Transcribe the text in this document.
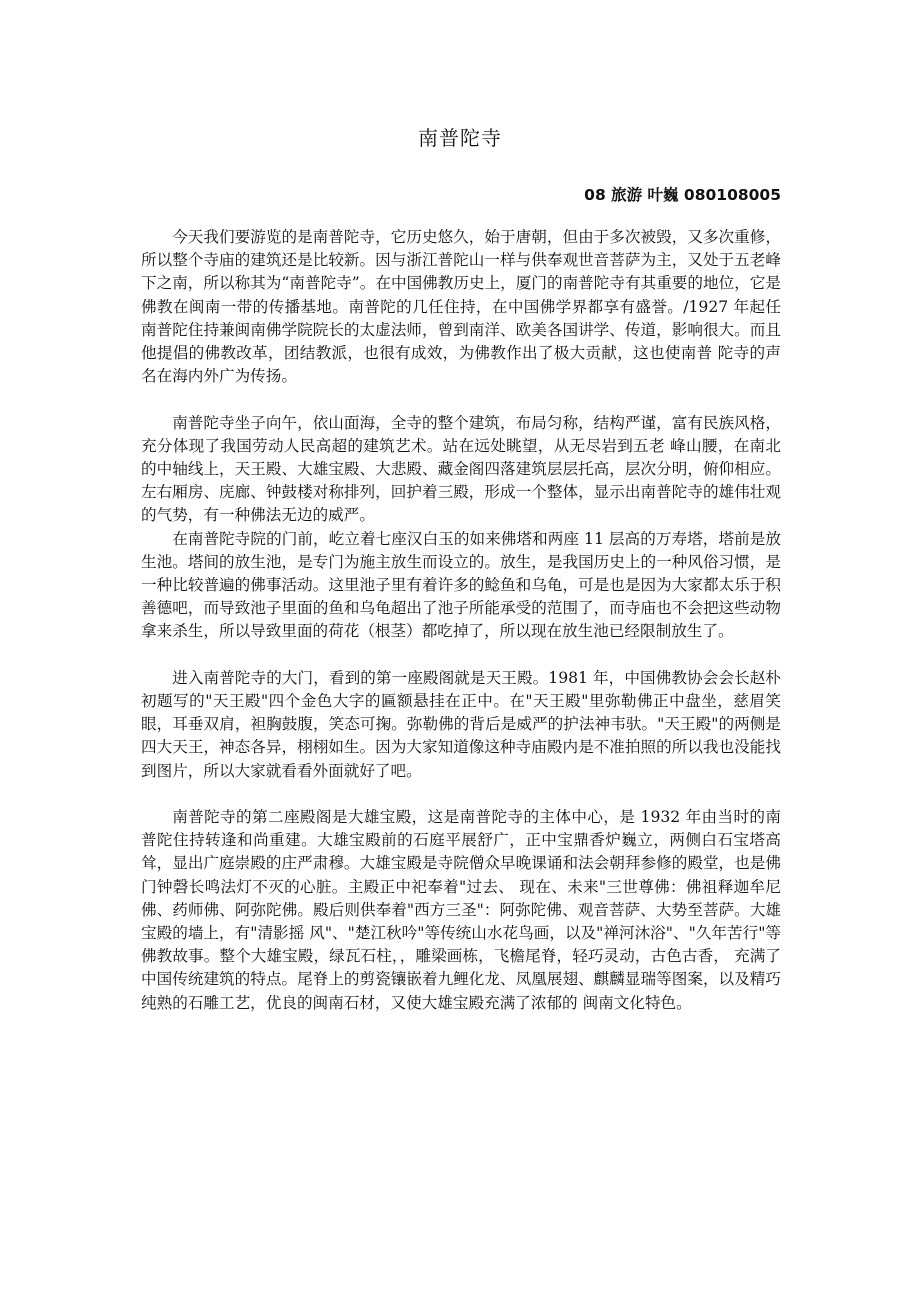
南普陀寺
08 旅游 叶巍 080108005

今天我们要游览的是南普陀寺，它历史悠久，始于唐朝，但由于多次被毁，又多次重修，所以整个寺庙的建筑还是比较新。因与浙江普陀山一样与供奉观世音菩萨为主，又处于五老峰下之南，所以称其为“南普陀寺”。在中国佛教历史上，厦门的南普陀寺有其重要的地位，它是佛教在闽南一带的传播基地。南普陀的几任住持，在中国佛学界都享有盛誉。/1927 年起任南普陀住持兼闽南佛学院院长的太虚法师，曾到南洋、欧美各国讲学、传道，影响很大。而且他提倡的佛教改革，团结教派，也很有成效，为佛教作出了极大贡献，这也使南普 陀寺的声名在海内外广为传扬。

南普陀寺坐子向午，依山面海，全寺的整个建筑，布局匀称，结构严谨，富有民族风格，充分体现了我国劳动人民高超的建筑艺术。站在远处眺望，从无尽岩到五老 峰山腰，在南北的中轴线上，天王殿、大雄宝殿、大悲殿、藏金阁四落建筑层层托高，层次分明，俯仰相应。左右厢房、庑廊、钟鼓楼对称排列，回护着三殿，形成一个整体，显示出南普陀寺的雄伟壮观的气势，有一种佛法无边的威严。

在南普陀寺院的门前，屹立着七座汉白玉的如来佛塔和两座 11 层高的万寿塔，塔前是放生池。塔间的放生池，是专门为施主放生而设立的。放生，是我国历史上的一种风俗习惯，是一种比较普遍的佛事活动。这里池子里有着许多的鲶鱼和乌龟，可是也是因为大家都太乐于积善德吧，而导致池子里面的鱼和乌龟超出了池子所能承受的范围了，而寺庙也不会把这些动物拿来杀生，所以导致里面的荷花（根茎）都吃掉了，所以现在放生池已经限制放生了。

进入南普陀寺的大门，看到的第一座殿阁就是天王殿。1981 年，中国佛教协会会长赵朴初题写的"天王殿"四个金色大字的匾额悬挂在正中。在"天王殿"里弥勒佛正中盘坐，慈眉笑眼，耳垂双肩，袒胸鼓腹，笑态可掬。弥勒佛的背后是威严的护法神韦驮。"天王殿"的两侧是四大天王，神态各异，栩栩如生。因为大家知道像这种寺庙殿内是不准拍照的所以我也没能找到图片，所以大家就看看外面就好了吧。

南普陀寺的第二座殿阁是大雄宝殿，这是南普陀寺的主体中心，是 1932 年由当时的南普陀住持转逢和尚重建。大雄宝殿前的石庭平展舒广，正中宝鼎香炉巍立，两侧白石宝塔高耸，显出广庭崇殿的庄严肃穆。大雄宝殿是寺院僧众早晚课诵和法会朝拜参修的殿堂，也是佛门钟磬长鸣法灯不灭的心脏。主殿正中祀奉着"过去、 现在、未来"三世尊佛：佛祖释迦牟尼佛、药师佛、阿弥陀佛。殿后则供奉着"西方三圣"：阿弥陀佛、观音菩萨、大势至菩萨。大雄宝殿的墙上，有"清影摇 风"、"楚江秋吟"等传统山水花鸟画，以及"禅河沐浴"、"久年苦行"等佛教故事。整个大雄宝殿，绿瓦石柱，，雕梁画栋，飞檐尾脊，轻巧灵动，古色古香， 充满了中国传统建筑的特点。尾脊上的剪瓷镶嵌着九鲤化龙、凤凰展翅、麒麟显瑞等图案，以及精巧纯熟的石雕工艺，优良的闽南石材，又使大雄宝殿充满了浓郁的 闽南文化特色。
